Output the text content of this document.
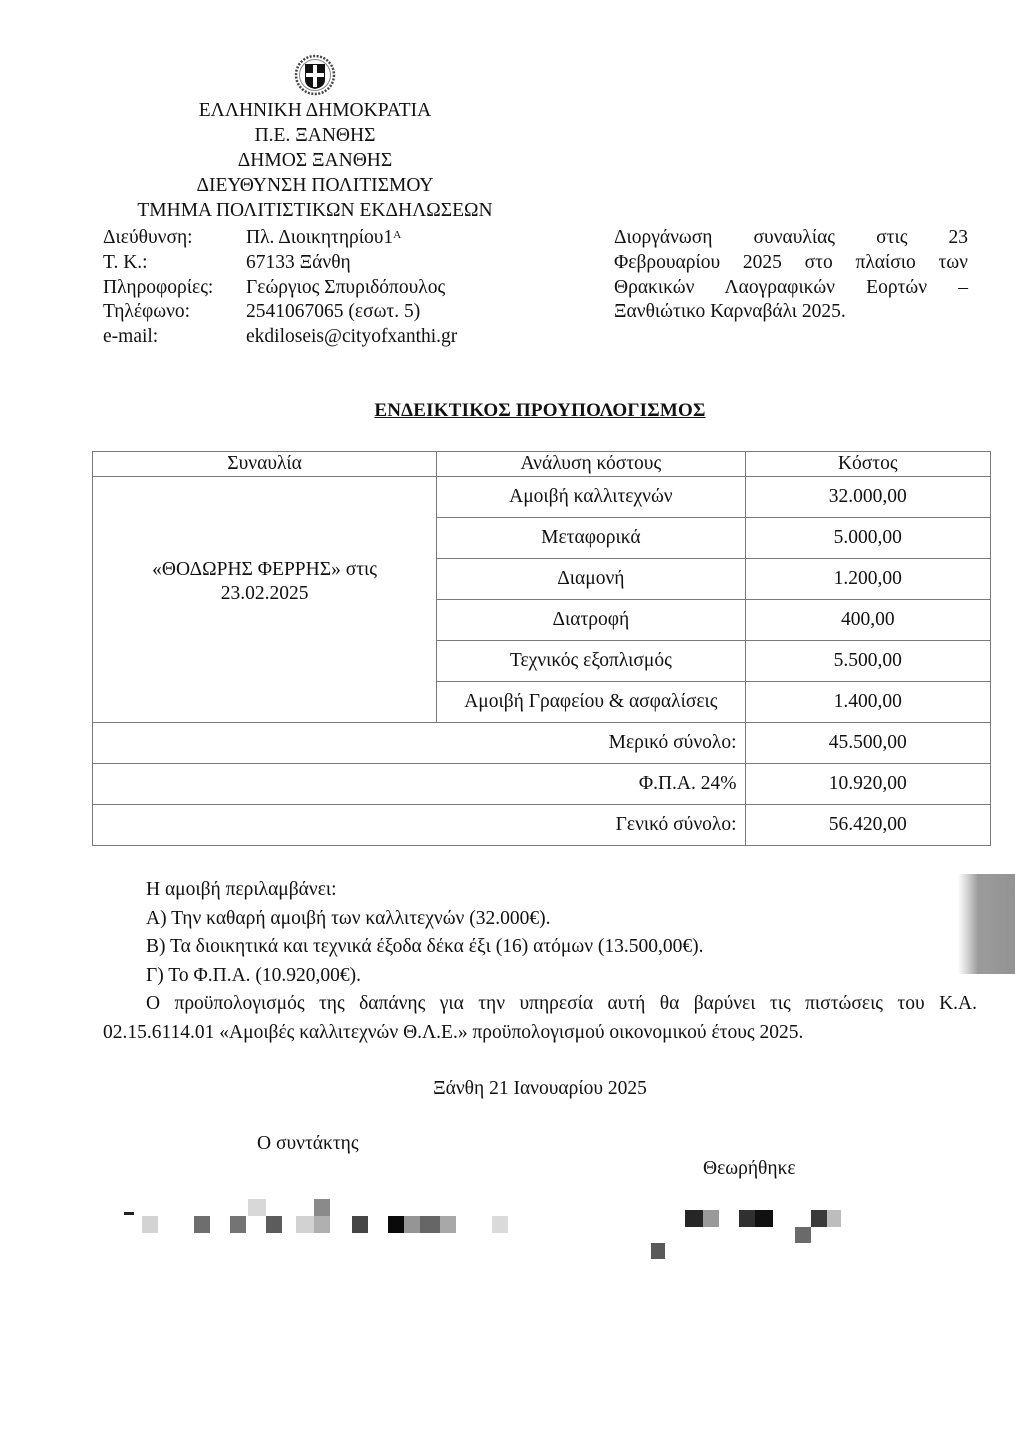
ΕΛΛΗΝΙΚΗ ΔΗΜΟΚΡΑΤΙΑ
Π.Ε. ΞΑΝΘΗΣ
ΔΗΜΟΣ ΞΑΝΘΗΣ
ΔΙΕΥΘΥΝΣΗ ΠΟΛΙΤΙΣΜΟΥ
ΤΜΗΜΑ ΠΟΛΙΤΙΣΤΙΚΩΝ ΕΚΔΗΛΩΣΕΩΝ
Διεύθυνση:	Πλ. $\Delta\iota o\iota\kappa\eta\tau\eta\rho ίo\upsilon 1^A$
Τ. Κ.:	67133 Ξάνθη
Πληροφορίες:	Γεώργιος Σπυριδόπουλος
Τηλέφωνο:	2541067065 (εσωτ. 5)
e-mail:	ekdiloseis@cityofxanthi.gr
Διοργάνωση συναυλίας στις 23
Φεβρουαρίου 2025 στο πλαίσιο των
Θρακικών Λαογραφικών Εορτών –
Ξανθιώτικο Καρναβάλι 2025.
ΕΝΔΕΙΚΤΙΚΟΣ ΠΡΟΥΠΟΛΟΓΙΣΜΟΣ
Συναυλία	Ανάλυση κόστους	Κόστος

«ΘΟΔΩΡΗΣ ΦΕΡΡΗΣ» στις
23.02.2025	Αμοιβή καλλιτεχνών	32.000,00
	Μεταφορικά	5.000,00
	Διαμονή	1.200,00
	Διατροφή	400,00
	Τεχνικός εξοπλισμός	5.500,00
	Αμοιβή Γραφείου & ασφαλίσεις	1.400,00
Μερικό σύνολο:		45.500,00
Φ.Π.Α. 24%		10.920,00
Γενικό σύνολο:		56.420,00
Η αμοιβή περιλαμβάνει:
Α) Την καθαρή αμοιβή των καλλιτεχνών (32.000€).
Β) Τα διοικητικά και τεχνικά έξοδα δέκα έξι (16) ατόμων (13.500,00€).
Γ) Το Φ.Π.Α. (10.920,00€).
Ο προϋπολογισμός της δαπάνης για την υπηρεσία αυτή θα βαρύνει τις πιστώσεις του Κ.Α.
02.15.6114.01 «Αμοιβές καλλιτεχνών Θ.Λ.Ε.» προϋπολογισμού οικονομικού έτους 2025.
Ξάνθη 21 Ιανουαρίου 2025
Ο συντάκτης
Θεωρήθηκε
